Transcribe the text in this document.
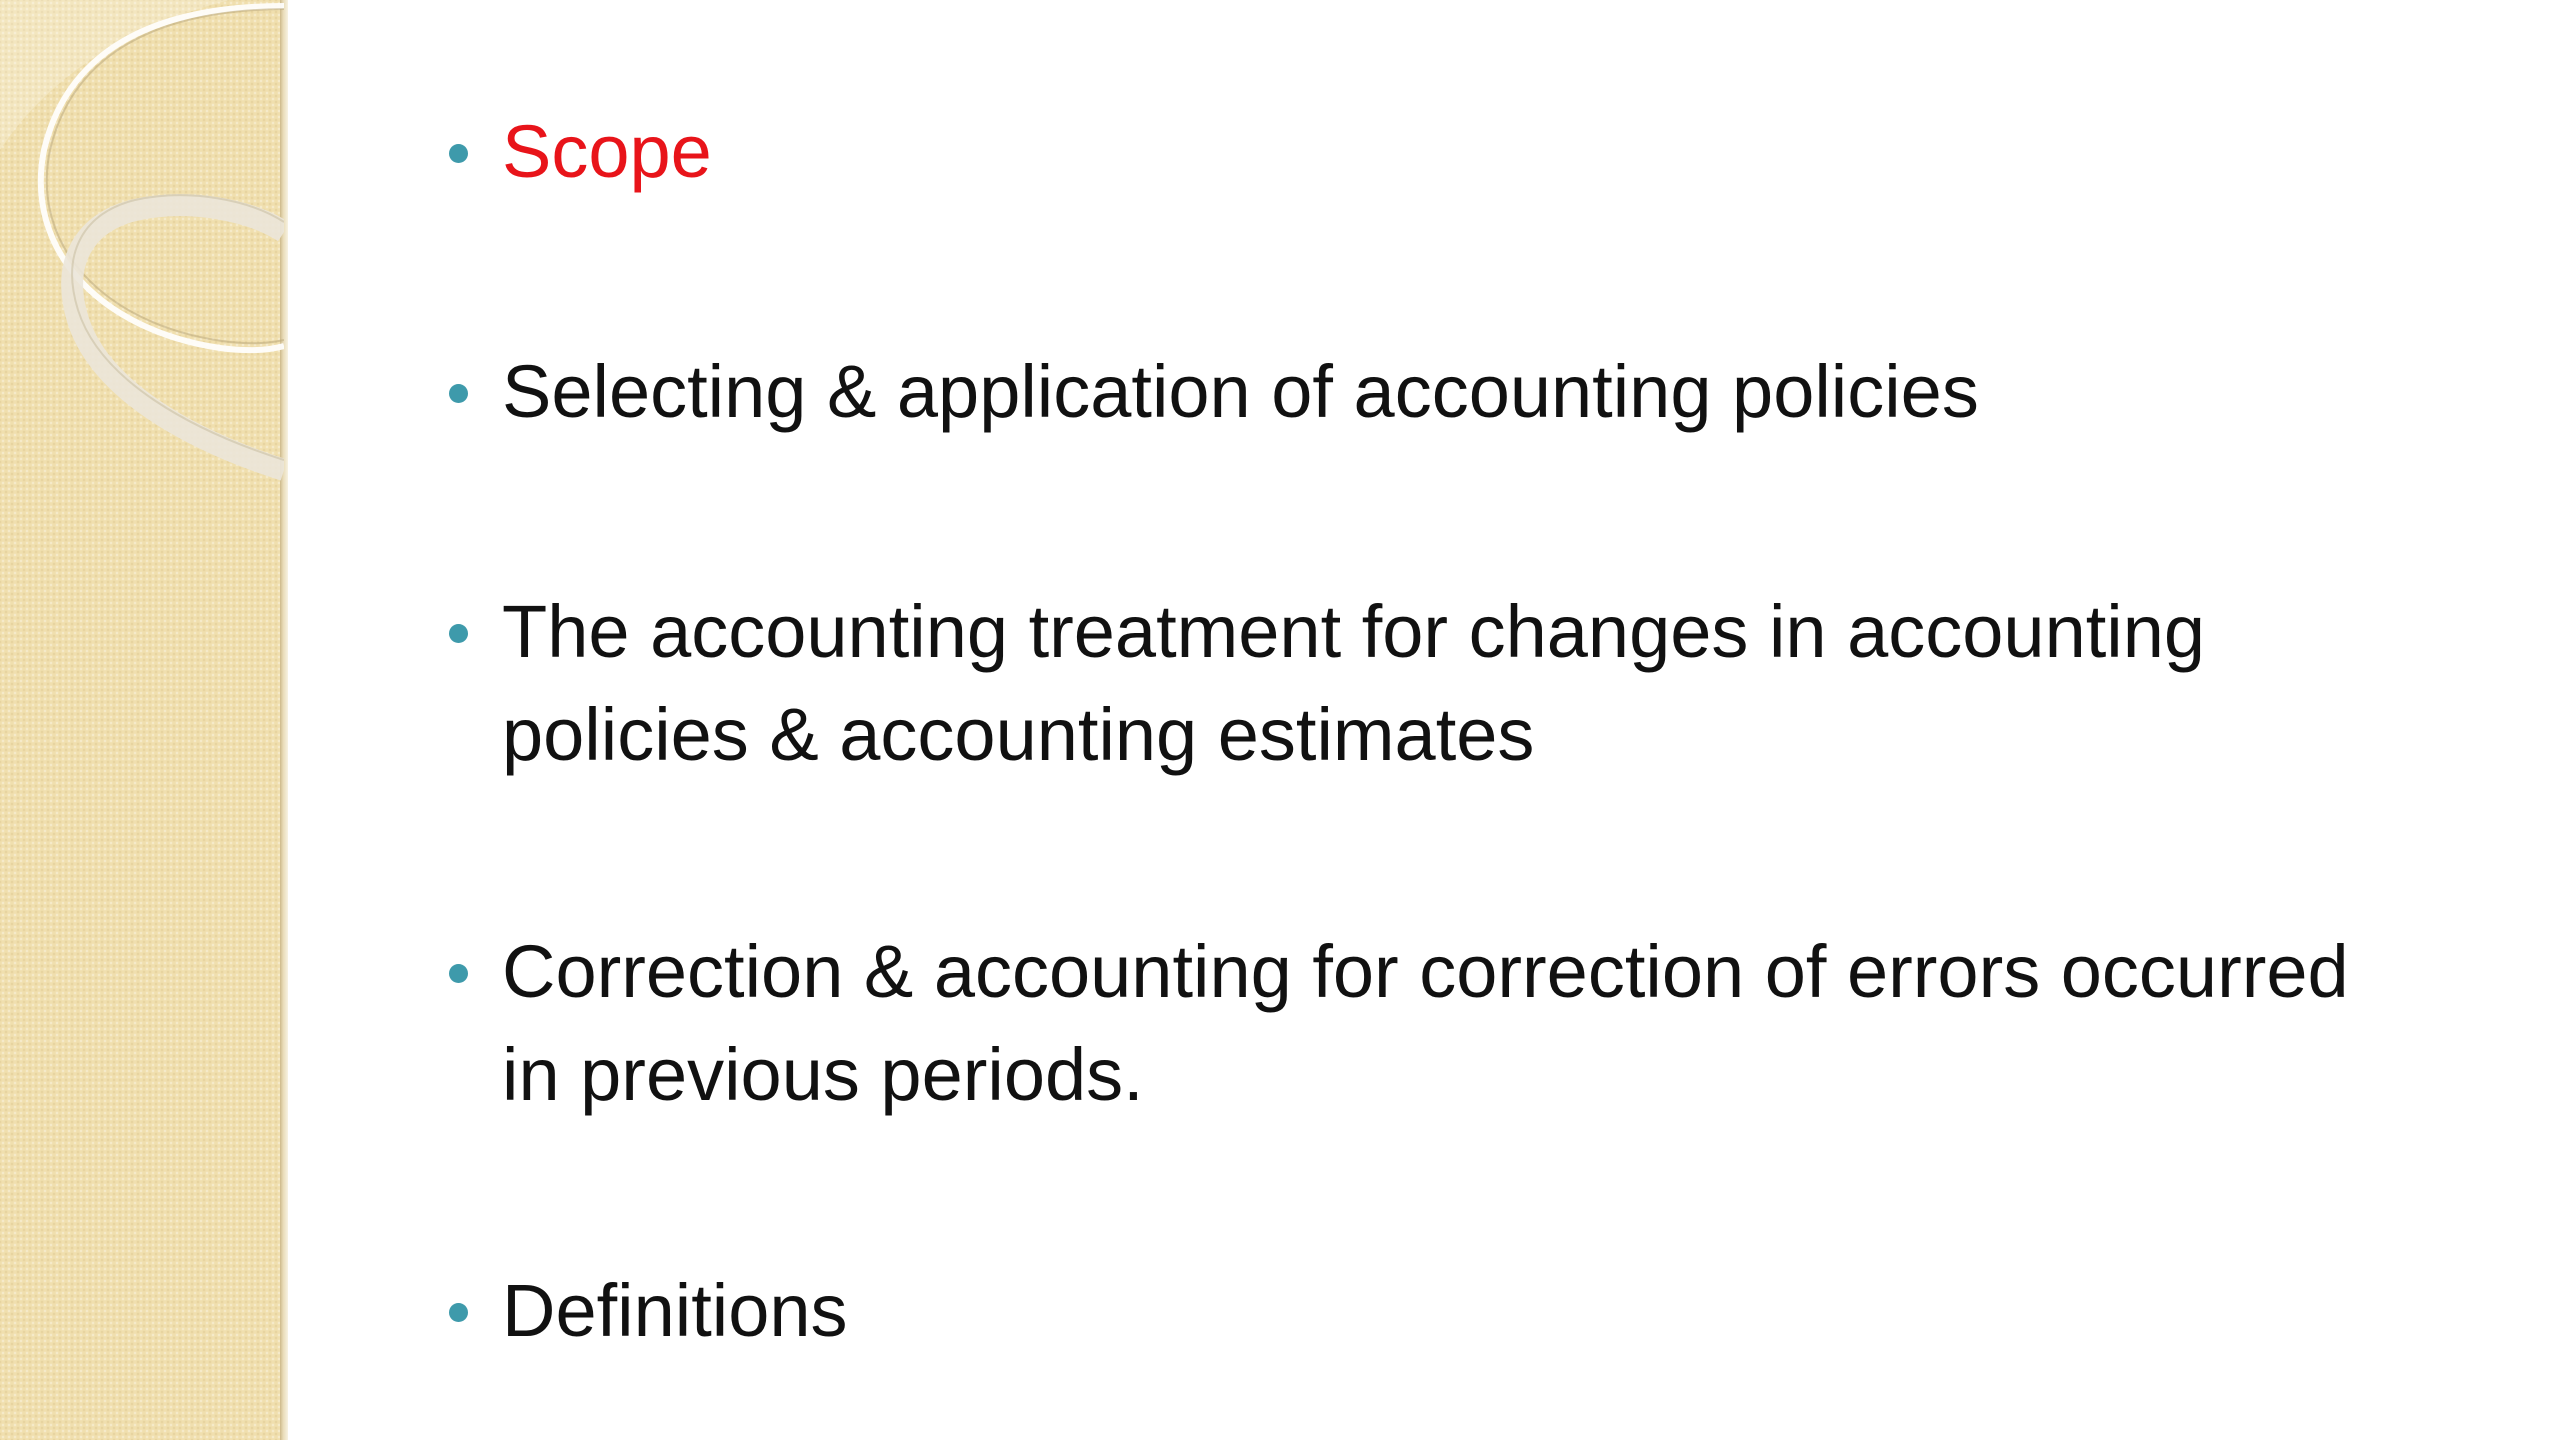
Scope
Selecting & application of accounting policies
The accounting treatment for changes in accounting policies & accounting estimates
Correction & accounting for correction of errors occurred in previous periods.
Definitions
